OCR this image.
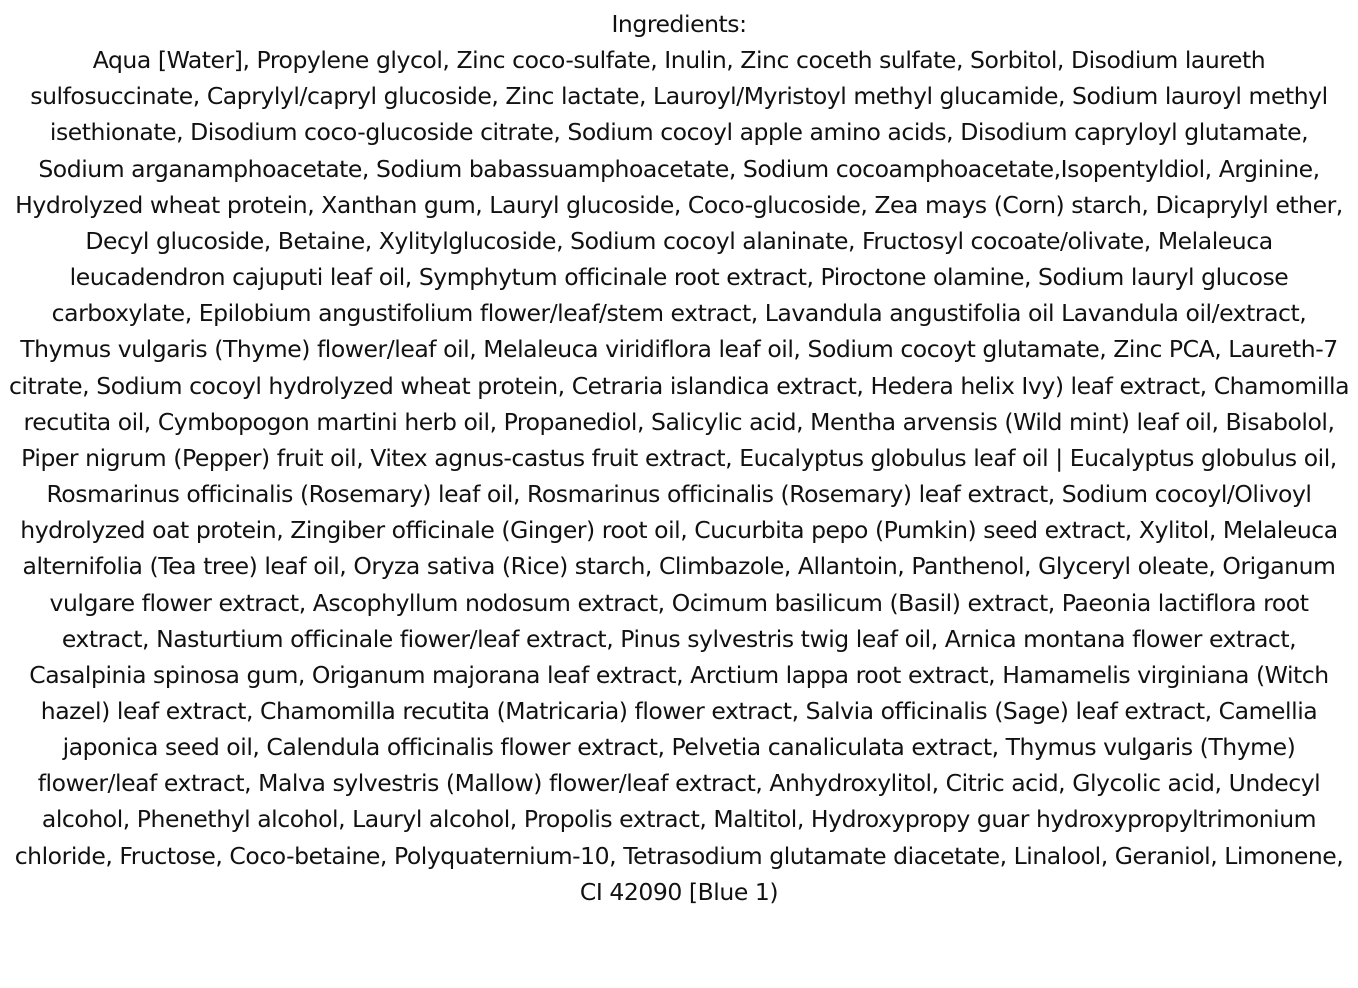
Ingredients:
Aqua [Water], Propylene glycol, Zinc coco-sulfate, Inulin, Zinc coceth sulfate, Sorbitol, Disodium laureth sulfosuccinate, Caprylyl/capryl glucoside, Zinc lactate, Lauroyl/Myristoyl methyl glucamide, Sodium lauroyl methyl isethionate, Disodium coco-glucoside citrate, Sodium cocoyl apple amino acids, Disodium capryloyl glutamate, Sodium arganamphoacetate, Sodium babassuamphoacetate, Sodium cocoamphoacetate,Isopentyldiol, Arginine, Hydrolyzed wheat protein, Xanthan gum, Lauryl glucoside, Coco-glucoside, Zea mays (Corn) starch, Dicaprylyl ether, Decyl glucoside, Betaine, Xylitylglucoside, Sodium cocoyl alaninate, Fructosyl cocoate/olivate, Melaleuca leucadendron cajuputi leaf oil, Symphytum officinale root extract, Piroctone olamine, Sodium lauryl glucose carboxylate, Epilobium angustifolium flower/leaf/stem extract, Lavandula angustifolia oil Lavandula oil/extract, Thymus vulgaris (Thyme) flower/leaf oil, Melaleuca viridiflora leaf oil, Sodium cocoyt glutamate, Zinc PCA, Laureth-7 citrate, Sodium cocoyl hydrolyzed wheat protein, Cetraria islandica extract, Hedera helix Ivy) leaf extract, Chamomilla recutita oil, Cymbopogon martini herb oil, Propanediol, Salicylic acid, Mentha arvensis (Wild mint) leaf oil, Bisabolol, Piper nigrum (Pepper) fruit oil, Vitex agnus-castus fruit extract, Eucalyptus globulus leaf oil | Eucalyptus globulus oil, Rosmarinus officinalis (Rosemary) leaf oil, Rosmarinus officinalis (Rosemary) leaf extract, Sodium cocoyl/Olivoyl hydrolyzed oat protein, Zingiber officinale (Ginger) root oil, Cucurbita pepo (Pumkin) seed extract, Xylitol, Melaleuca alternifolia (Tea tree) leaf oil, Oryza sativa (Rice) starch, Climbazole, Allantoin, Panthenol, Glyceryl oleate, Origanum vulgare flower extract, Ascophyllum nodosum extract, Ocimum basilicum (Basil) extract, Paeonia lactiflora root extract, Nasturtium officinale fiower/leaf extract, Pinus sylvestris twig leaf oil, Arnica montana flower extract, Casalpinia spinosa gum, Origanum majorana leaf extract, Arctium lappa root extract, Hamamelis virginiana (Witch hazel) leaf extract, Chamomilla recutita (Matricaria) flower extract, Salvia officinalis (Sage) leaf extract, Camellia japonica seed oil, Calendula officinalis flower extract, Pelvetia canaliculata extract, Thymus vulgaris (Thyme) flower/leaf extract, Malva sylvestris (Mallow) flower/leaf extract, Anhydroxylitol, Citric acid, Glycolic acid, Undecyl alcohol, Phenethyl alcohol, Lauryl alcohol, Propolis extract, Maltitol, Hydroxypropy guar hydroxypropyltrimonium chloride, Fructose, Coco-betaine, Polyquaternium-10, Tetrasodium glutamate diacetate, Linalool, Geraniol, Limonene, CI 42090 [Blue 1)
